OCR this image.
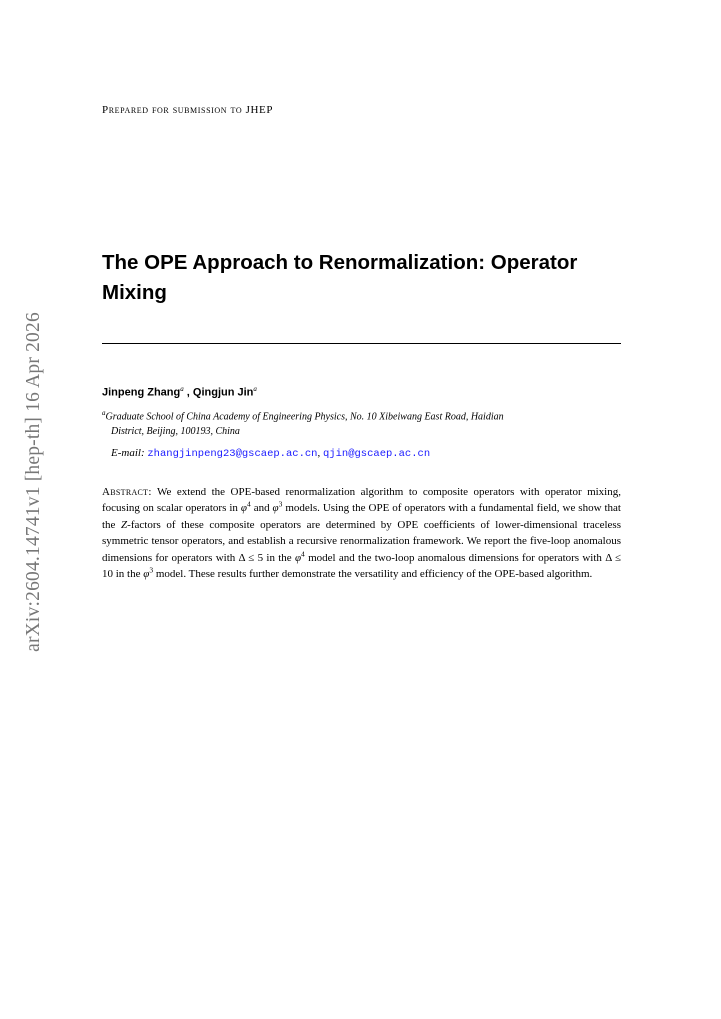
arXiv:2604.14741v1 [hep-th] 16 Apr 2026
Prepared for submission to JHEP
The OPE Approach to Renormalization: Operator
Mixing
Jinpeng Zhang$^a$ , Qingjun Jin$^a$
$^a$Graduate School of China Academy of Engineering Physics, No. 10 Xibeiwang East Road, Haidian
District, Beijing, 100193, China
E-mail: zhangjinpeng23@gscaep.ac.cn, qjin@gscaep.ac.cn
Abstract: We extend the OPE-based renormalization algorithm to composite operators with operator mixing, focusing on scalar operators in $\varphi^4$ and $\varphi^3$ models. Using the OPE of operators with a fundamental field, we show that the Z-factors of these composite operators are determined by OPE coefficients of lower-dimensional traceless symmetric tensor operators, and establish a recursive renormalization framework. We report the five-loop anomalous dimensions for operators with Δ ≤ 5 in the $\varphi^4$ model and the two-loop anomalous dimensions for operators with Δ ≤ 10 in the $\varphi^3$ model. These results further demonstrate the versatility and efficiency of the OPE-based algorithm.
